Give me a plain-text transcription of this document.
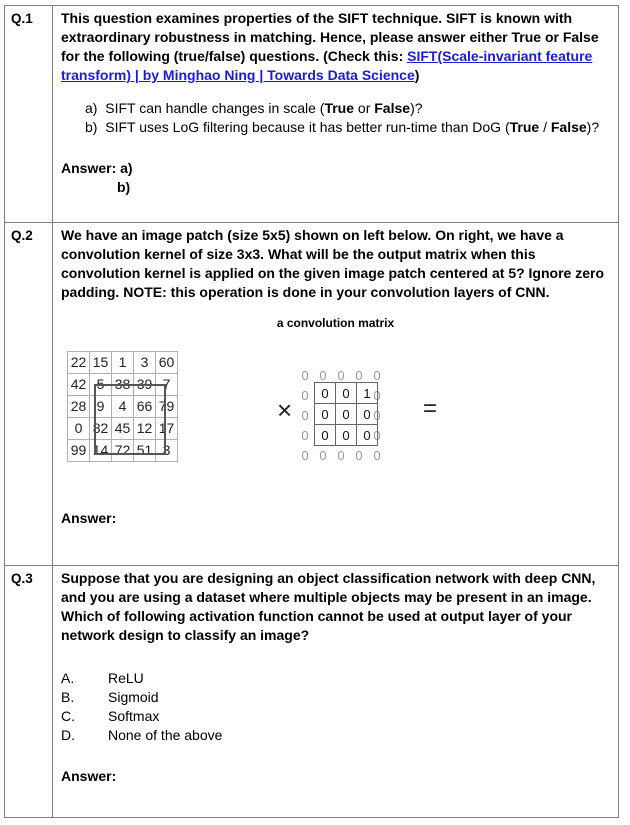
Q.1	This question examines properties of the SIFT technique. SIFT is known with extraordinary robustness in matching. Hence, please answer either True or False for the following (true/false) questions. (Check this: SIFT(Scale-invariant feature transform) | by Minghao Ning | Towards Data Science)
a) SIFT can handle changes in scale (True or False)?
b) SIFT uses LoG filtering because it has better run-time than DoG (True / False)?
Answer: a)
b)
Q.2	We have an image patch (size 5x5) shown on left below. On right, we have a convolution kernel of size 3x3. What will be the output matrix when this convolution kernel is applied on the given image patch centered at 5? Ignore zero padding. NOTE: this operation is done in your convolution layers of CNN.
a convolution matrix
22	15	1	3	60
42	5	38	39	7
28	9	4	66	79
0	82	45	12	17
99	14	72	51	3
×
0	0	0	0	0
0				0
0				0
0				0
0	0	0	0	0
0	0	1
0	0	0
0	0	0
=
Answer:
Q.3	Suppose that you are designing an object classification network with deep CNN, and you are using a dataset where multiple objects may be present in an image. Which of following activation function cannot be used at output layer of your network design to classify an image?
A.	ReLU
B.	Sigmoid
C.	Softmax
D.	None of the above
Answer:
